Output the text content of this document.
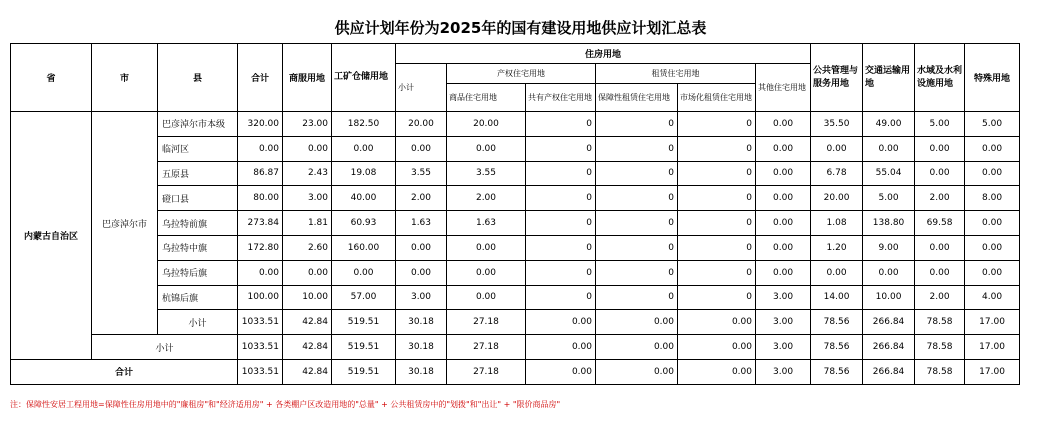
供应计划年份为2025年的国有建设用地供应计划汇总表
省	市	县	合计	商服用地	工矿仓储用地	住房用地						公共管理与服务用地	交通运输用地	水域及水利设施用地	特殊用地
						小计	产权住宅用地		租赁住宅用地		其他住宅用地				
							商品住宅用地	共有产权住宅用地	保障性租赁住宅用地	市场化租赁住宅用地					
内蒙古自治区	巴彦淖尔市	巴彦淖尔市本级	320.00	23.00	182.50	20.00	20.00	0	0	0	0.00	35.50	49.00	5.00	5.00
		临河区	0.00	0.00	0.00	0.00	0.00	0	0	0	0.00	0.00	0.00	0.00	0.00
		五原县	86.87	2.43	19.08	3.55	3.55	0	0	0	0.00	6.78	55.04	0.00	0.00
		磴口县	80.00	3.00	40.00	2.00	2.00	0	0	0	0.00	20.00	5.00	2.00	8.00
		乌拉特前旗	273.84	1.81	60.93	1.63	1.63	0	0	0	0.00	1.08	138.80	69.58	0.00
		乌拉特中旗	172.80	2.60	160.00	0.00	0.00	0	0	0	0.00	1.20	9.00	0.00	0.00
		乌拉特后旗	0.00	0.00	0.00	0.00	0.00	0	0	0	0.00	0.00	0.00	0.00	0.00
		杭锦后旗	100.00	10.00	57.00	3.00	0.00	0	0	0	3.00	14.00	10.00	2.00	4.00
		小计	1033.51	42.84	519.51	30.18	27.18	0.00	0.00	0.00	3.00	78.56	266.84	78.58	17.00
	小计		1033.51	42.84	519.51	30.18	27.18	0.00	0.00	0.00	3.00	78.56	266.84	78.58	17.00
合计			1033.51	42.84	519.51	30.18	27.18	0.00	0.00	0.00	3.00	78.56	266.84	78.58	17.00
注：保障性安居工程用地=保障性住房用地中的"廉租房"和"经济适用房" + 各类棚户区改造用地的"总量" + 公共租赁房中的"划拨"和"出让" + "限价商品房"
